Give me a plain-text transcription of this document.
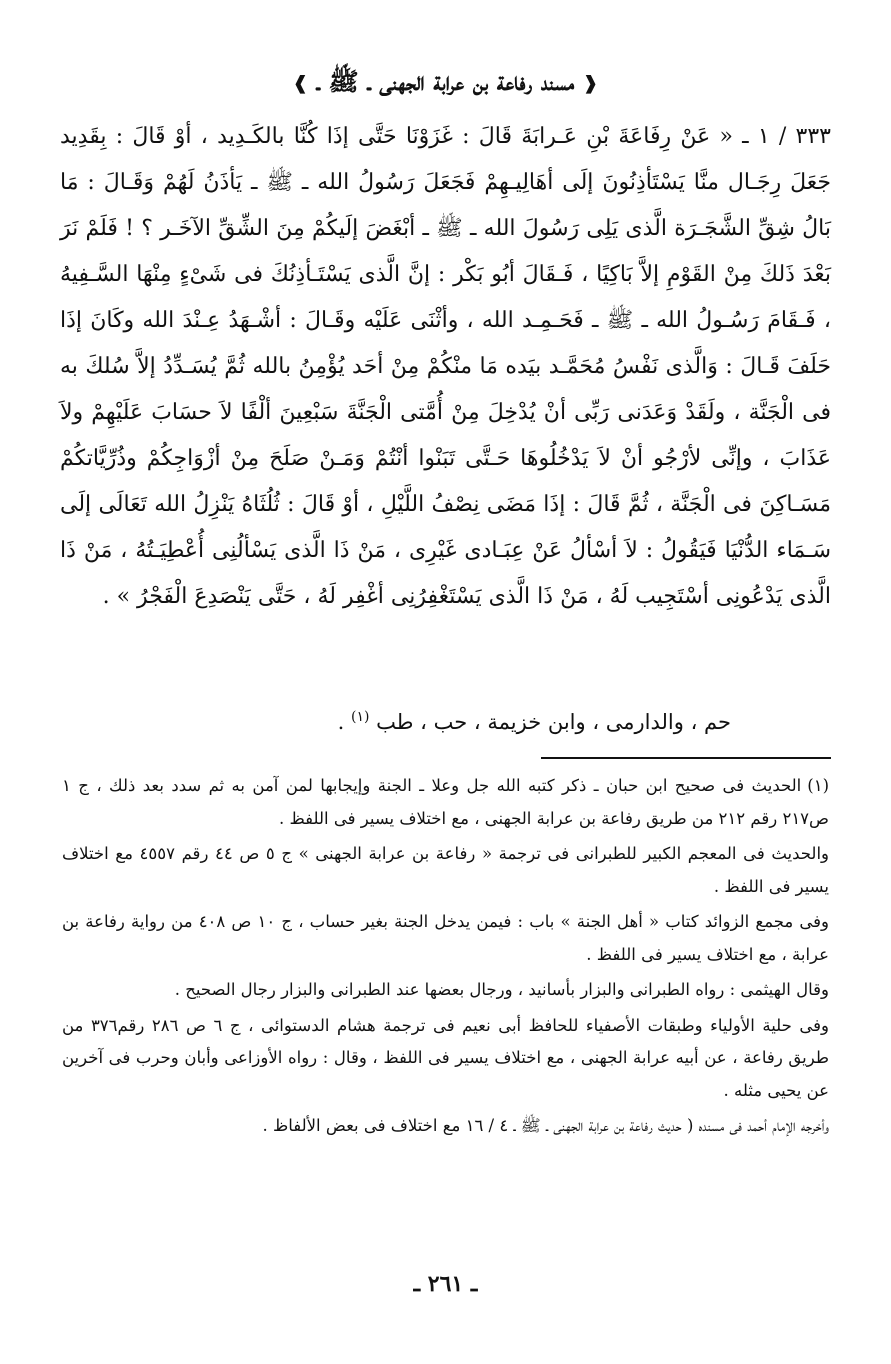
❰ مسند رفاعة بن عرابة الجهنى ـ ﷺ ـ ❱

٣٣٣ / ١ ـ « عَنْ رِفَاعَةَ بْنِ عَـرابَةَ قَالَ : غَزَوْنَا حَتَّى إذَا كُنَّا بالكَـدِيد ، أوْ قَالَ : بِقَدِيد جَعَلَ رِجَـال منَّا يَسْتَأذِنُونَ إلَى أهَالِيـهِمْ فَجَعَلَ رَسُولُ الله ـ ﷺ ـ يَأذَنُ لَهُمْ وَقَـالَ : مَا بَالُ شِقِّ الشَّجَـرَة الَّذى يَلِى رَسُولَ الله ـ ﷺ ـ أبْغَضَ إلَيكُمْ مِنَ الشِّقِّ الآخَـر ؟ ! فَلَمْ نَرَ بَعْدَ ذَلكَ مِنْ القَوْمِ إلاَّ بَاكِيًا ، فَـقَالَ أبُو بَكْر : إنَّ الَّذى يَسْتَـأذِنُكَ فى شَىْءٍ مِنْهَا السَّـفِيهُ ، فَـقَامَ رَسُـولُ الله ـ ﷺ ـ فَحَـمِـد الله ، وأثْنَى عَلَيْه وقَـالَ : أشْـهَدُ عِـنْدَ الله وكَانَ إذَا حَلَفَ قَـالَ : وَالَّذى نَفْسُ مُحَمَّـد بيَده مَا منْكُمْ مِنْ أحَد يُؤْمِنُ بالله ثُمَّ يُسَـدِّدُ إلاَّ سُلكَ به فى الْجَنَّة ، ولَقَدْ وَعَدَنى رَبِّى أنْ يُدْخِلَ مِنْ أُمَّتى الْجَنَّةَ سَبْعِينَ ألْفًا لاَ حسَابَ عَلَيْهِمْ ولاَ عَذَابَ ، وإنِّى لأرْجُو أنْ لاَ يَدْخُلُوهَا حَـتَّى تَبَنْوا أنْتُمْ وَمَـنْ صَلَحَ مِنْ أزْوَاجِكُمْ وذُرِّيَّاتكُمْ مَسَـاكِنَ فى الْجَنَّة ، ثُمَّ قَالَ : إذَا مَضَى نِصْفُ اللَّيْلِ ، أوْ قَالَ : ثُلُثَاهُ يَنْزِلُ الله تَعَالَى إلَى سَـمَاء الدُّنْيَا فَيَقُولُ : لاَ أسْألُ عَنْ عِبَـادى غَيْرِى ، مَنْ ذَا الَّذى يَسْألُنِى أُعْطِيَـتُهُ ، مَنْ ذَا الَّذى يَدْعُونِى أسْتَجِيب لَهُ ، مَنْ ذَا الَّذى يَسْتَغْفِرُنِى أغْفِر لَهُ ، حَتَّى يَنْصَدِعَ الْفَجْرُ » .

حم ، والدارمى ، وابن خزيمة ، حب ، طب $^{(١)}$ .

(١)الحديث فى صحيح ابن حبان ـ ذكر كتبه الله جل وعلا ـ الجنة وإيجابها لمن آمن به ثم سدد بعد ذلك ، ج ١ ص٢١٧ رقم ٢١٢ من طريق رفاعة بن عرابة الجهنى ، مع اختلاف يسير فى اللفظ .

والحديث فى المعجم الكبير للطبرانى فى ترجمة « رفاعة بن عرابة الجهنى » ج ٥ ص ٤٤ رقم ٤٥٥٧ مع اختلاف يسير فى اللفظ .

وفى مجمع الزوائد كتاب « أهل الجنة » باب : فيمن يدخل الجنة بغير حساب ، ج ١٠ ص ٤٠٨ من رواية رفاعة بن عرابة ، مع اختلاف يسير فى اللفظ .

وقال الهيثمى : رواه الطبرانى والبزار بأسانيد ، ورجال بعضها عند الطبرانى والبزار رجال الصحيح .

وفى حلية الأولياء وطبقات الأصفياء للحافظ أبى نعيم فى ترجمة هشام الدستوائى ، ج ٦ ص ٢٨٦ رقم٣٧٦ من طريق رفاعة ، عن أبيه عرابة الجهنى ، مع اختلاف يسير فى اللفظ ، وقال : رواه الأوزاعى وأبان وحرب فى آخرين عن يحيى مثله .

وأخرجه الإمام أحمد فى مسنده ( حديث رفاعة بن عرابة الجهنى ـ ﷺ ـ ٤ / ١٦ مع اختلاف فى بعض الألفاظ .

ـ ٢٦١ ـ
